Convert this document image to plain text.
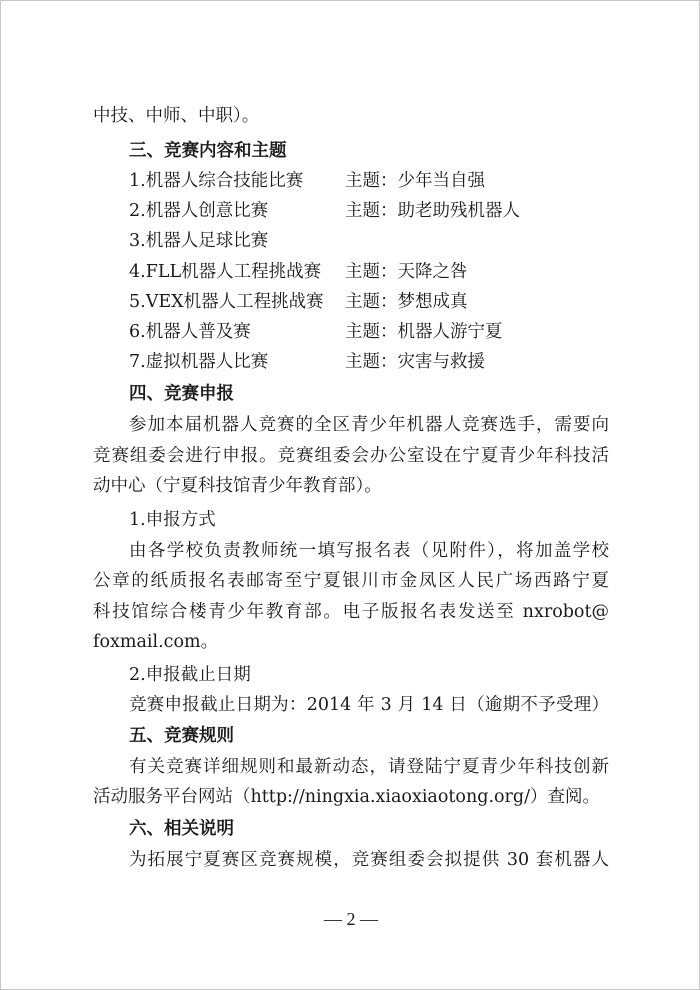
中技、中师、中职）。
三、竞赛内容和主题
1.机器人综合技能比赛	主题：少年当自强
2.机器人创意比赛	主题：助老助残机器人
3.机器人足球比赛
4.FLL机器人工程挑战赛	主题：天降之咎
5.VEX机器人工程挑战赛	主题：梦想成真
6.机器人普及赛	主题：机器人游宁夏
7.虚拟机器人比赛	主题：灾害与救援
四、竞赛申报
参加本届机器人竞赛的全区青少年机器人竞赛选手，需要向
竞赛组委会进行申报。竞赛组委会办公室设在宁夏青少年科技活
动中心（宁夏科技馆青少年教育部）。
1.申报方式
由各学校负责教师统一填写报名表（见附件），将加盖学校
公章的纸质报名表邮寄至宁夏银川市金凤区人民广场西路宁夏
科技馆综合楼青少年教育部。电子版报名表发送至 nxrobot@
foxmail.com。
2.申报截止日期
竞赛申报截止日期为：2014 年 3 月 14 日（逾期不予受理）
五、竞赛规则
有关竞赛详细规则和最新动态，请登陆宁夏青少年科技创新
活动服务平台网站（http://ningxia.xiaoxiaotong.org/）查阅。
六、相关说明
为拓展宁夏赛区竞赛规模，竞赛组委会拟提供 30 套机器人
— 2 —
